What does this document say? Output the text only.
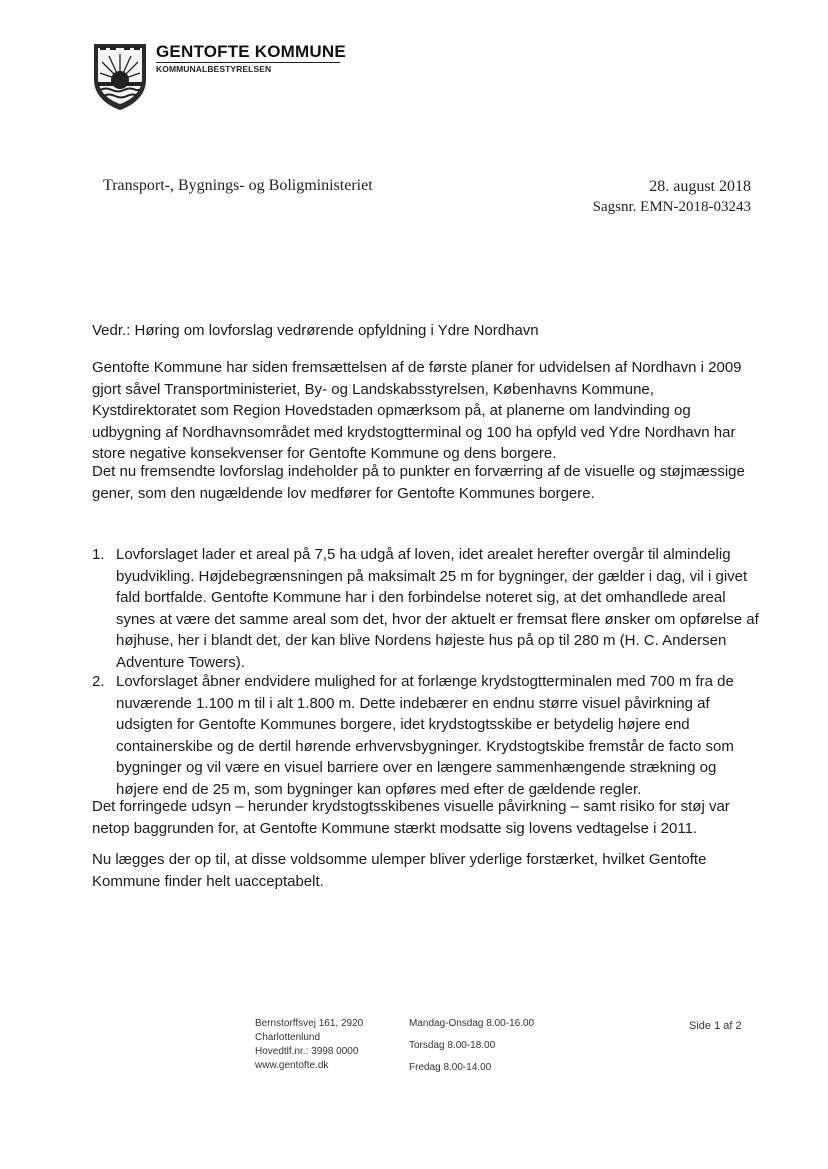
GENTOFTE KOMMUNE
KOMMUNALBESTYRELSEN
Transport-, Bygnings- og Boligministeriet	28. august 2018
Sagsnr. EMN-2018-03243
Vedr.: Høring om lovforslag vedrørende opfyldning i Ydre Nordhavn
Gentofte Kommune har siden fremsættelsen af de første planer for udvidelsen af Nordhavn i 2009 gjort såvel Transportministeriet, By- og Landskabsstyrelsen, Københavns Kommune, Kystdirektoratet som Region Hovedstaden opmærksom på, at planerne om landvinding og udbygning af Nordhavnsområdet med krydstogtterminal og 100 ha opfyld ved Ydre Nordhavn har store negative konsekvenser for Gentofte Kommune og dens borgere.
Det nu fremsendte lovforslag indeholder på to punkter en forværring af de visuelle og støjmæssige gener, som den nugældende lov medfører for Gentofte Kommunes borgere.
1. Lovforslaget lader et areal på 7,5 ha udgå af loven, idet arealet herefter overgår til almindelig byudvikling. Højdebegrænsningen på maksimalt 25 m for bygninger, der gælder i dag, vil i givet fald bortfalde. Gentofte Kommune har i den forbindelse noteret sig, at det omhandlede areal synes at være det samme areal som det, hvor der aktuelt er fremsat flere ønsker om opførelse af højhuse, her i blandt det, der kan blive Nordens højeste hus på op til 280 m (H. C. Andersen Adventure Towers).
2. Lovforslaget åbner endvidere mulighed for at forlænge krydstogtterminalen med 700 m fra de nuværende 1.100 m til i alt 1.800 m. Dette indebærer en endnu større visuel påvirkning af udsigten for Gentofte Kommunes borgere, idet krydstogtsskibe er betydelig højere end containerskibe og de dertil hørende erhvervsbygninger. Krydstogtskibe fremstår de facto som bygninger og vil være en visuel barriere over en længere sammenhængende strækning og højere end de 25 m, som bygninger kan opføres med efter de gældende regler.
Det forringede udsyn – herunder krydstogtsskibenes visuelle påvirkning – samt risiko for støj var netop baggrunden for, at Gentofte Kommune stærkt modsatte sig lovens vedtagelse i 2011.
Nu lægges der op til, at disse voldsomme ulemper bliver yderlige forstærket, hvilket Gentofte Kommune finder helt uacceptabelt.
Bernstorffsvej 161, 2920
Charlottenlund
Hovedtlf.nr.: 3998 0000
www.gentofte.dk
Mandag-Onsdag 8.00-16.00
Torsdag 8.00-18.00
Fredag 8.00-14.00
Side 1 af 2
